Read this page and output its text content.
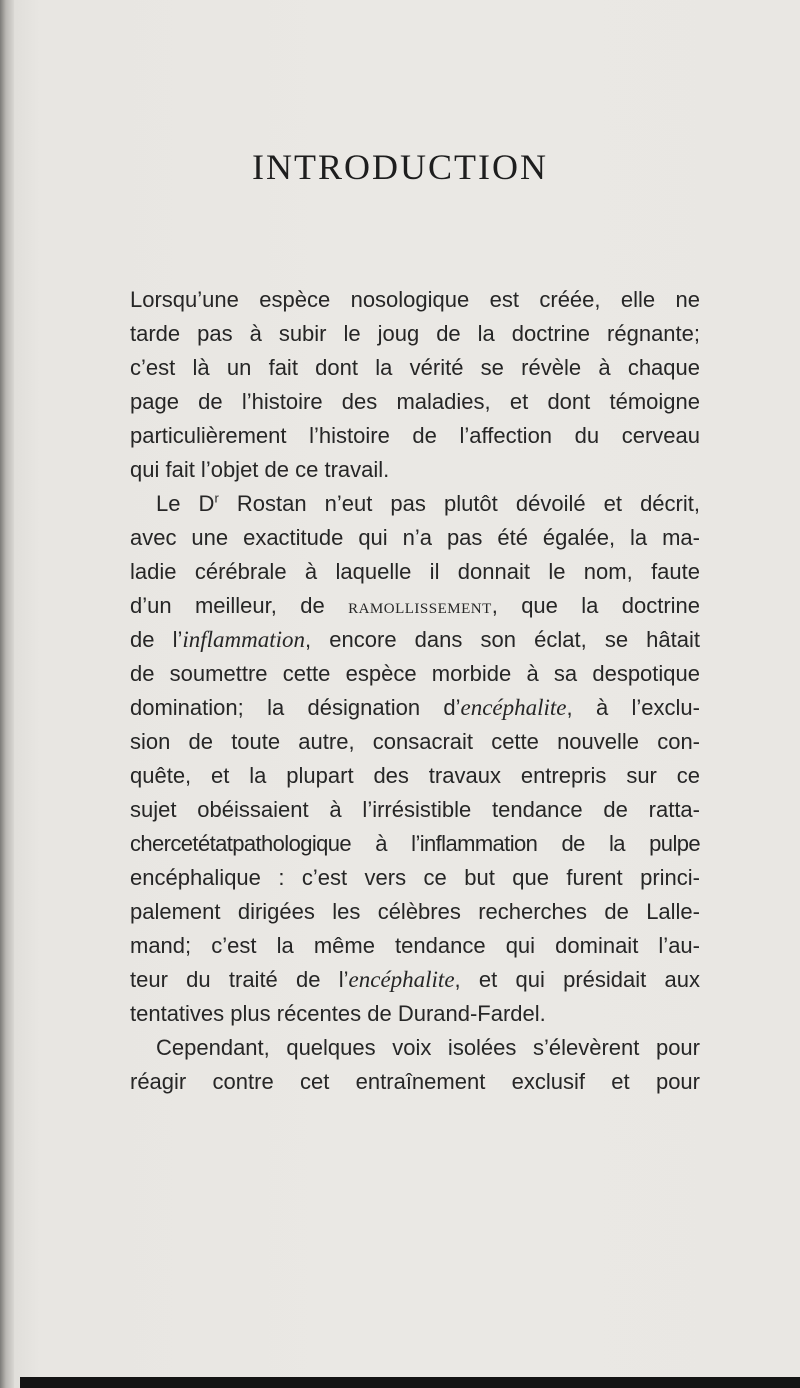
INTRODUCTION
Lorsqu’une espèce nosologique est créée, elle ne
tarde pas à subir le joug de la doctrine régnante;
c’est là un fait dont la vérité se révèle à chaque
page de l’histoire des maladies, et dont témoigne
particulièrement l’histoire de l’affection du cerveau
qui fait l’objet de ce travail.
Le $D^r$ Rostan n’eut pas plutôt dévoilé et décrit,
avec une exactitude qui n’a pas été égalée, la ma-
ladie cérébrale à laquelle il donnait le nom, faute
d’un meilleur, de ramollissement, que la doctrine
de l’inflammation, encore dans son éclat, se hâtait
de soumettre cette espèce morbide à sa despotique
domination; la désignation d’encéphalite, à l’exclu-
sion de toute autre, consacrait cette nouvelle con-
quête, et la plupart des travaux entrepris sur ce
sujet obéissaient à l’irrésistible tendance de ratta-
chercetétatpathologique à l’inflammation de la pulpe
encéphalique : c’est vers ce but que furent princi-
palement dirigées les célèbres recherches de Lalle-
mand; c’est la même tendance qui dominait l’au-
teur du traité de l’encéphalite, et qui présidait aux
tentatives plus récentes de Durand-Fardel.
Cependant, quelques voix isolées s’élevèrent pour
réagir contre cet entraînement exclusif et pour
